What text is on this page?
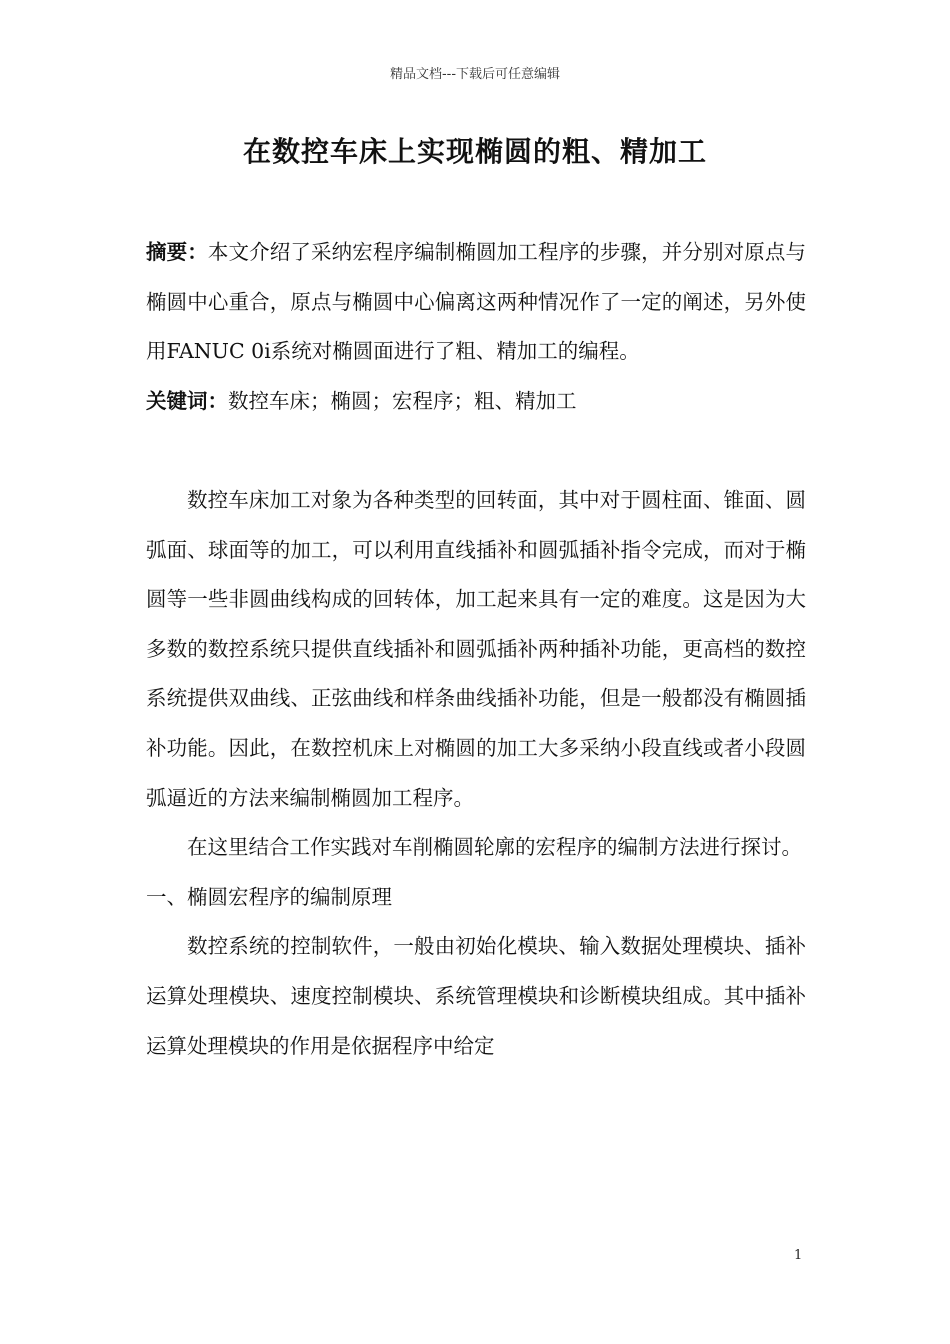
精品文档---下载后可任意编辑
在数控车床上实现椭圆的粗、精加工

摘要：本文介绍了采纳宏程序编制椭圆加工程序的步骤，并分别对原点与椭圆中心重合，原点与椭圆中心偏离这两种情况作了一定的阐述，另外使用FANUC 0i系统对椭圆面进行了粗、精加工的编程。

关键词：数控车床；椭圆；宏程序；粗、精加工

数控车床加工对象为各种类型的回转面，其中对于圆柱面、锥面、圆弧面、球面等的加工，可以利用直线插补和圆弧插补指令完成，而对于椭圆等一些非圆曲线构成的回转体，加工起来具有一定的难度。这是因为大多数的数控系统只提供直线插补和圆弧插补两种插补功能，更高档的数控系统提供双曲线、正弦曲线和样条曲线插补功能，但是一般都没有椭圆插补功能。因此，在数控机床上对椭圆的加工大多采纳小段直线或者小段圆弧逼近的方法来编制椭圆加工程序。

在这里结合工作实践对车削椭圆轮廓的宏程序的编制方法进行探讨。

一、椭圆宏程序的编制原理

数控系统的控制软件，一般由初始化模块、输入数据处理模块、插补运算处理模块、速度控制模块、系统管理模块和诊断模块组成。其中插补运算处理模块的作用是依据程序中给定

1
